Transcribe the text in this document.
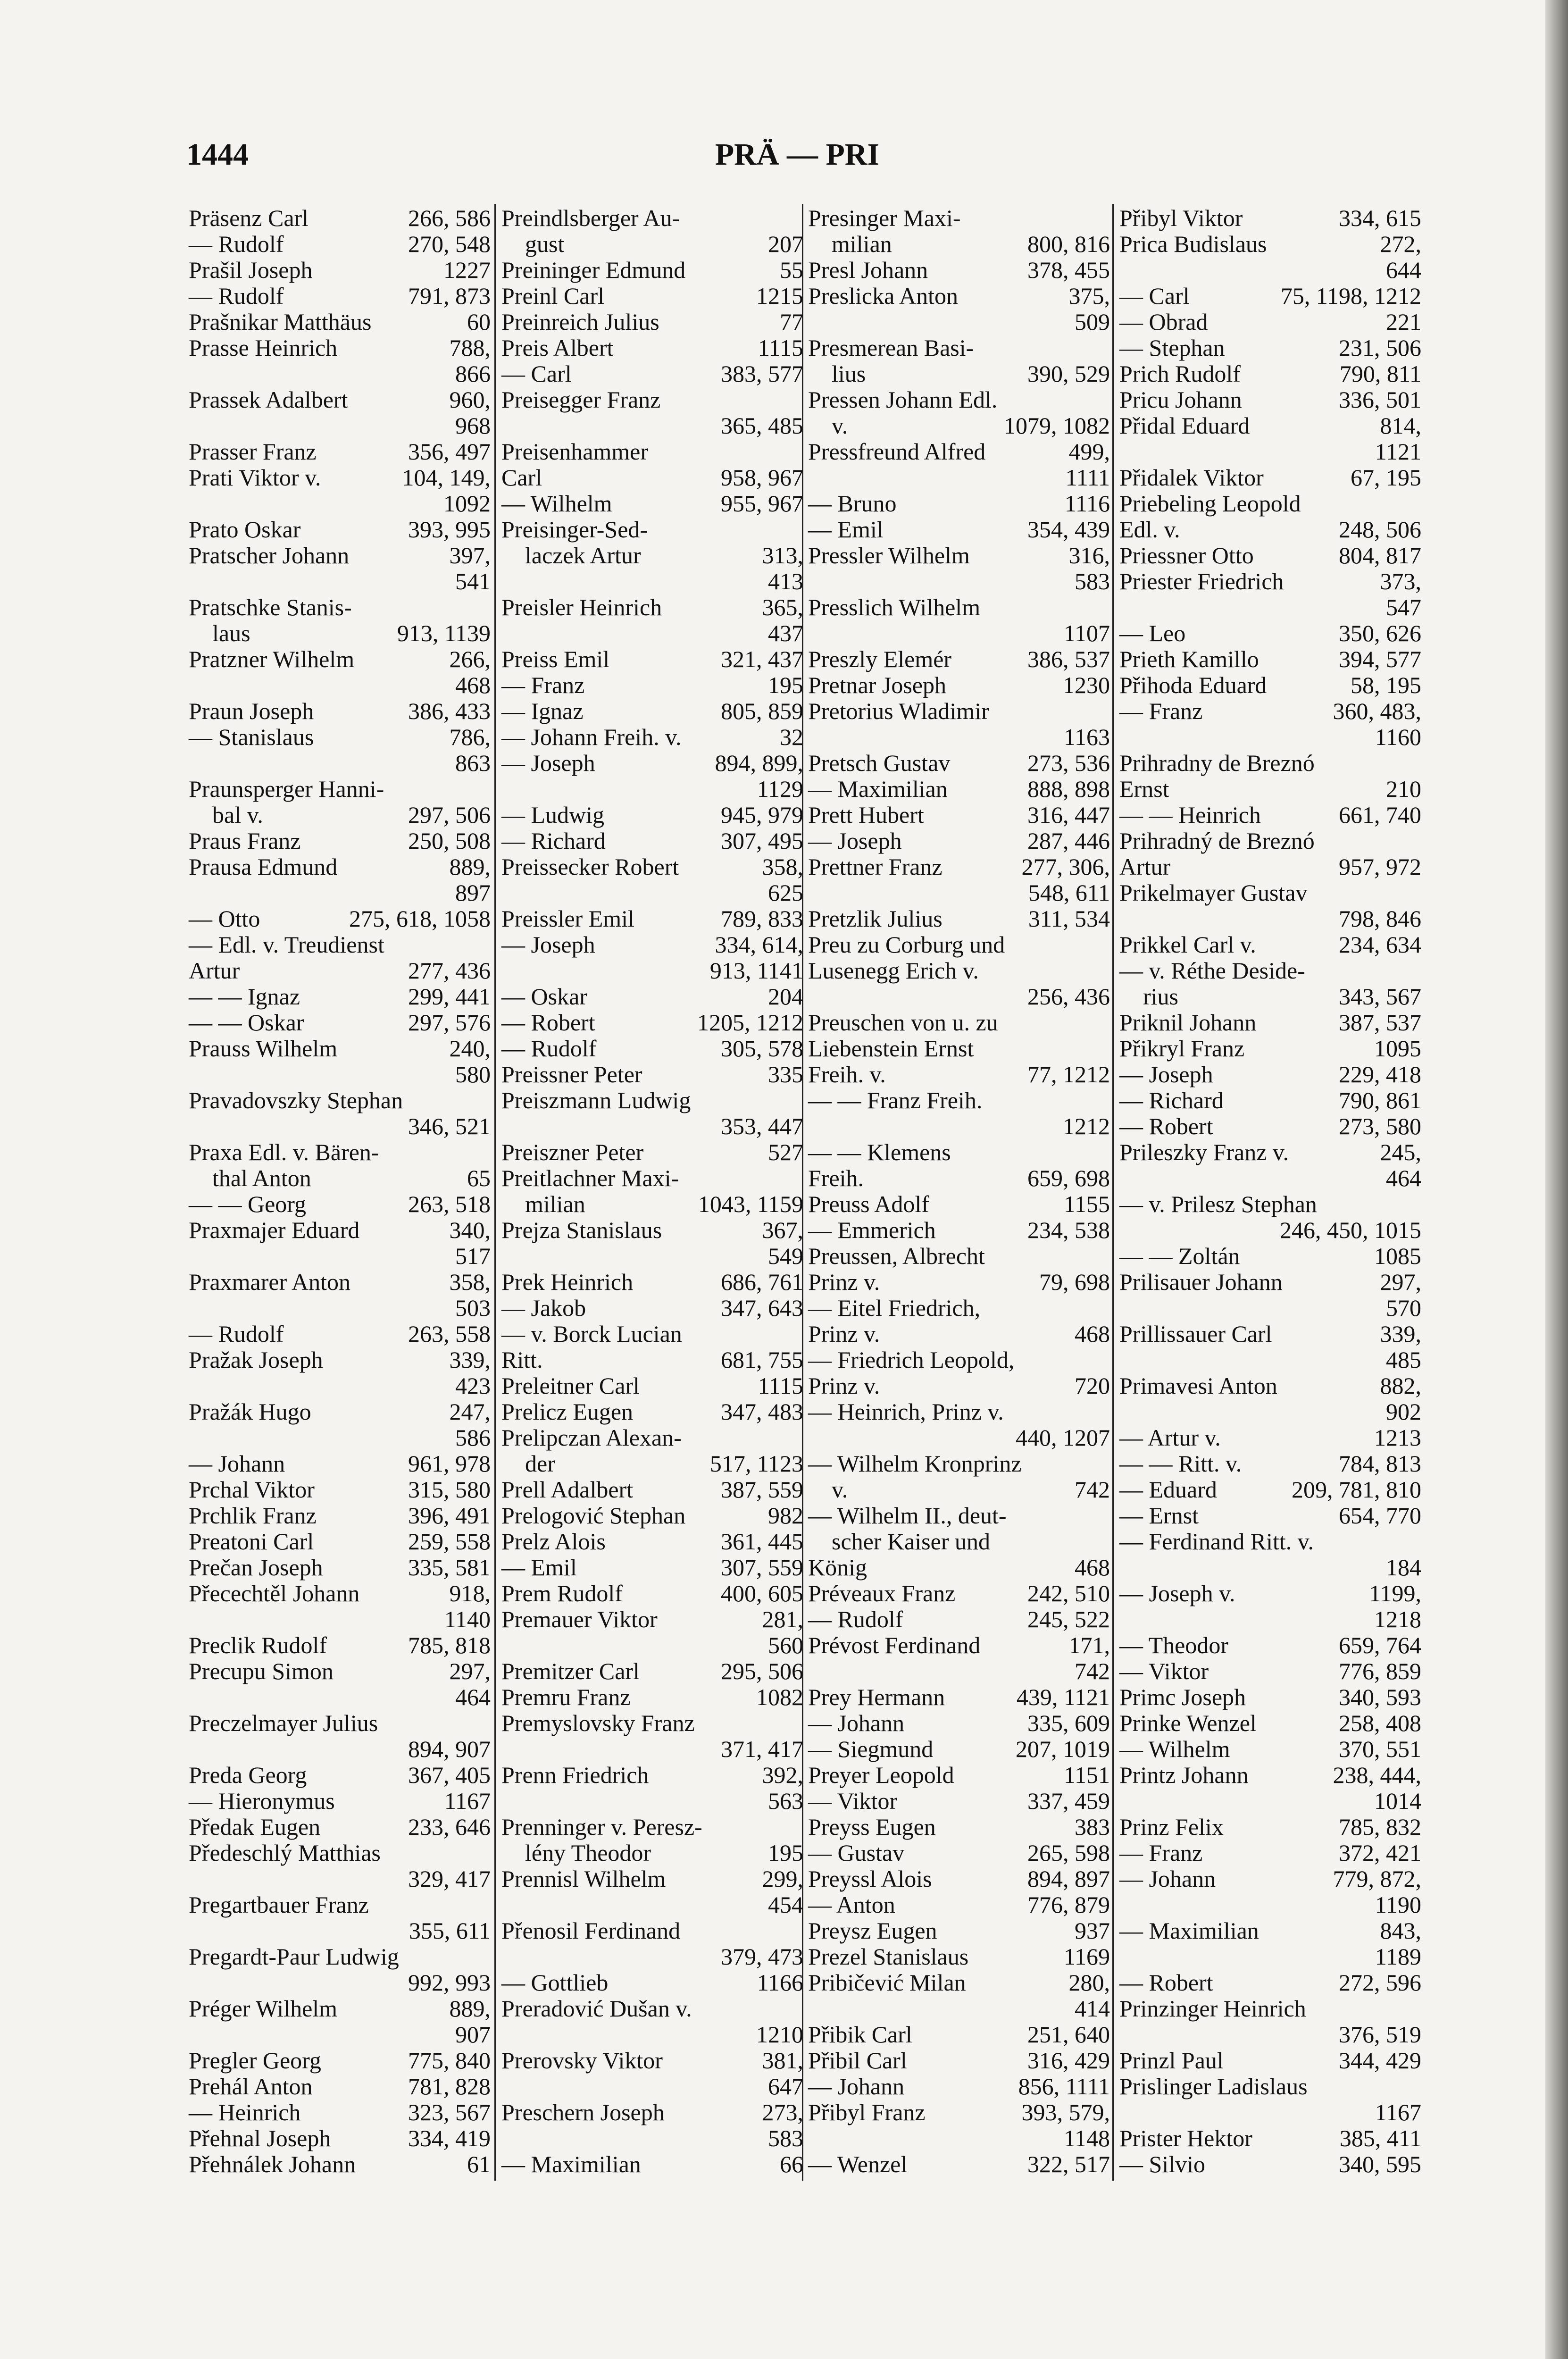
1444	PRÄ — PRI
Präsenz Carl	266, 586
— Rudolf	270, 548
Prašil Joseph	1227
— Rudolf	791, 873
Prašnikar Matthäus	60
Prasse Heinrich	788,
866
Prassek Adalbert	960,
968
Prasser Franz	356, 497
Prati Viktor v.	104, 149,
1092
Prato Oskar	393, 995
Pratscher Johann	397,
541
Pratschke Stanis-
laus	913, 1139
Pratzner Wilhelm	266,
468
Praun Joseph	386, 433
— Stanislaus	786,
863
Praunsperger Hanni-
bal v.	297, 506
Praus Franz	250, 508
Prausa Edmund	889,
897
— Otto	275, 618, 1058
— Edl. v. Treudienst
Artur	277, 436
— — Ignaz	299, 441
— — Oskar	297, 576
Prauss Wilhelm	240,
580
Pravadovszky Stephan
346, 521
Praxa Edl. v. Bären-
thal Anton	65
— — Georg	263, 518
Praxmajer Eduard	340,
517
Praxmarer Anton	358,
503
— Rudolf	263, 558
Pražak Joseph	339,
423
Pražák Hugo	247,
586
— Johann	961, 978
Prchal Viktor	315, 580
Prchlik Franz	396, 491
Preatoni Carl	259, 558
Prečan Joseph	335, 581
Přecechtěl Johann	918,
1140
Preclik Rudolf	785, 818
Precupu Simon	297,
464
Preczelmayer Julius
894, 907
Preda Georg	367, 405
— Hieronymus	1167
Předak Eugen	233, 646
Předeschlý Matthias
329, 417
Pregartbauer Franz
355, 611
Pregardt-Paur Ludwig
992, 993
Préger Wilhelm	889,
907
Pregler Georg	775, 840
Prehál Anton	781, 828
— Heinrich	323, 567
Přehnal Joseph	334, 419
Přehnálek Johann	61
Preindlsberger Au-
gust	207
Preininger Edmund	55
Preinl Carl	1215
Preinreich Julius	77
Preis Albert	1115
— Carl	383, 577
Preisegger Franz
365, 485
Preisenhammer
Carl	958, 967
— Wilhelm	955, 967
Preisinger-Sed-
laczek Artur	313,
413
Preisler Heinrich	365,
437
Preiss Emil	321, 437
— Franz	195
— Ignaz	805, 859
— Johann Freih. v.	32
— Joseph	894, 899,
1129
— Ludwig	945, 979
— Richard	307, 495
Preissecker Robert	358,
625
Preissler Emil	789, 833
— Joseph	334, 614,
913, 1141
— Oskar	204
— Robert	1205, 1212
— Rudolf	305, 578
Preissner Peter	335
Preiszmann Ludwig
353, 447
Preiszner Peter	527
Preitlachner Maxi-
milian	1043, 1159
Prejza Stanislaus	367,
549
Prek Heinrich	686, 761
— Jakob	347, 643
— v. Borck Lucian
Ritt.	681, 755
Preleitner Carl	1115
Prelicz Eugen	347, 483
Prelipczan Alexan-
der	517, 1123
Prell Adalbert	387, 559
Prelogović Stephan	982
Prelz Alois	361, 445
— Emil	307, 559
Prem Rudolf	400, 605
Premauer Viktor	281,
560
Premitzer Carl	295, 506
Premru Franz	1082
Premyslovsky Franz
371, 417
Prenn Friedrich	392,
563
Prenninger v. Peresz-
lény Theodor	195
Prennisl Wilhelm	299,
454
Přenosil Ferdinand
379, 473
— Gottlieb	1166
Preradović Dušan v.
1210
Prerovsky Viktor	381,
647
Preschern Joseph	273,
583
— Maximilian	66
Presinger Maxi-
milian	800, 816
Presl Johann	378, 455
Preslicka Anton	375,
509
Presmerean Basi-
lius	390, 529
Pressen Johann Edl.
v.	1079, 1082
Pressfreund Alfred	499,
1111
— Bruno	1116
— Emil	354, 439
Pressler Wilhelm	316,
583
Presslich Wilhelm
1107
Preszly Elemér	386, 537
Pretnar Joseph	1230
Pretorius Wladimir
1163
Pretsch Gustav	273, 536
— Maximilian	888, 898
Prett Hubert	316, 447
— Joseph	287, 446
Prettner Franz	277, 306,
548, 611
Pretzlik Julius	311, 534
Preu zu Corburg und
Lusenegg Erich v.
256, 436
Preuschen von u. zu
Liebenstein Ernst
Freih. v.	77, 1212
— — Franz Freih.
1212
— — Klemens
Freih.	659, 698
Preuss Adolf	1155
— Emmerich	234, 538
Preussen, Albrecht
Prinz v.	79, 698
— Eitel Friedrich,
Prinz v.	468
— Friedrich Leopold,
Prinz v.	720
— Heinrich, Prinz v.
440, 1207
— Wilhelm Kronprinz
v.	742
— Wilhelm II., deut-
scher Kaiser und
König	468
Préveaux Franz	242, 510
— Rudolf	245, 522
Prévost Ferdinand	171,
742
Prey Hermann	439, 1121
— Johann	335, 609
— Siegmund	207, 1019
Preyer Leopold	1151
— Viktor	337, 459
Preyss Eugen	383
— Gustav	265, 598
Preyssl Alois	894, 897
— Anton	776, 879
Preysz Eugen	937
Prezel Stanislaus	1169
Pribičević Milan	280,
414
Přibik Carl	251, 640
Přibil Carl	316, 429
— Johann	856, 1111
Přibyl Franz	393, 579,
1148
— Wenzel	322, 517
Přibyl Viktor	334, 615
Prica Budislaus	272,
644
— Carl	75, 1198, 1212
— Obrad	221
— Stephan	231, 506
Prich Rudolf	790, 811
Pricu Johann	336, 501
Přidal Eduard	814,
1121
Přidalek Viktor	67, 195
Priebeling Leopold
Edl. v.	248, 506
Priessner Otto	804, 817
Priester Friedrich	373,
547
— Leo	350, 626
Prieth Kamillo	394, 577
Přihoda Eduard	58, 195
— Franz	360, 483,
1160
Prihradny de Breznó
Ernst	210
— — Heinrich	661, 740
Prihradný de Breznó
Artur	957, 972
Prikelmayer Gustav
798, 846
Prikkel Carl v.	234, 634
— v. Réthe Deside-
rius	343, 567
Priknil Johann	387, 537
Přikryl Franz	1095
— Joseph	229, 418
— Richard	790, 861
— Robert	273, 580
Prileszky Franz v.	245,
464
— v. Prilesz Stephan
246, 450, 1015
— — Zoltán	1085
Prilisauer Johann	297,
570
Prillissauer Carl	339,
485
Primavesi Anton	882,
902
— Artur v.	1213
— — Ritt. v.	784, 813
— Eduard	209, 781, 810
— Ernst	654, 770
— Ferdinand Ritt. v.
184
— Joseph v.	1199,
1218
— Theodor	659, 764
— Viktor	776, 859
Primc Joseph	340, 593
Prinke Wenzel	258, 408
— Wilhelm	370, 551
Printz Johann	238, 444,
1014
Prinz Felix	785, 832
— Franz	372, 421
— Johann	779, 872,
1190
— Maximilian	843,
1189
— Robert	272, 596
Prinzinger Heinrich
376, 519
Prinzl Paul	344, 429
Prislinger Ladislaus
1167
Prister Hektor	385, 411
— Silvio	340, 595
